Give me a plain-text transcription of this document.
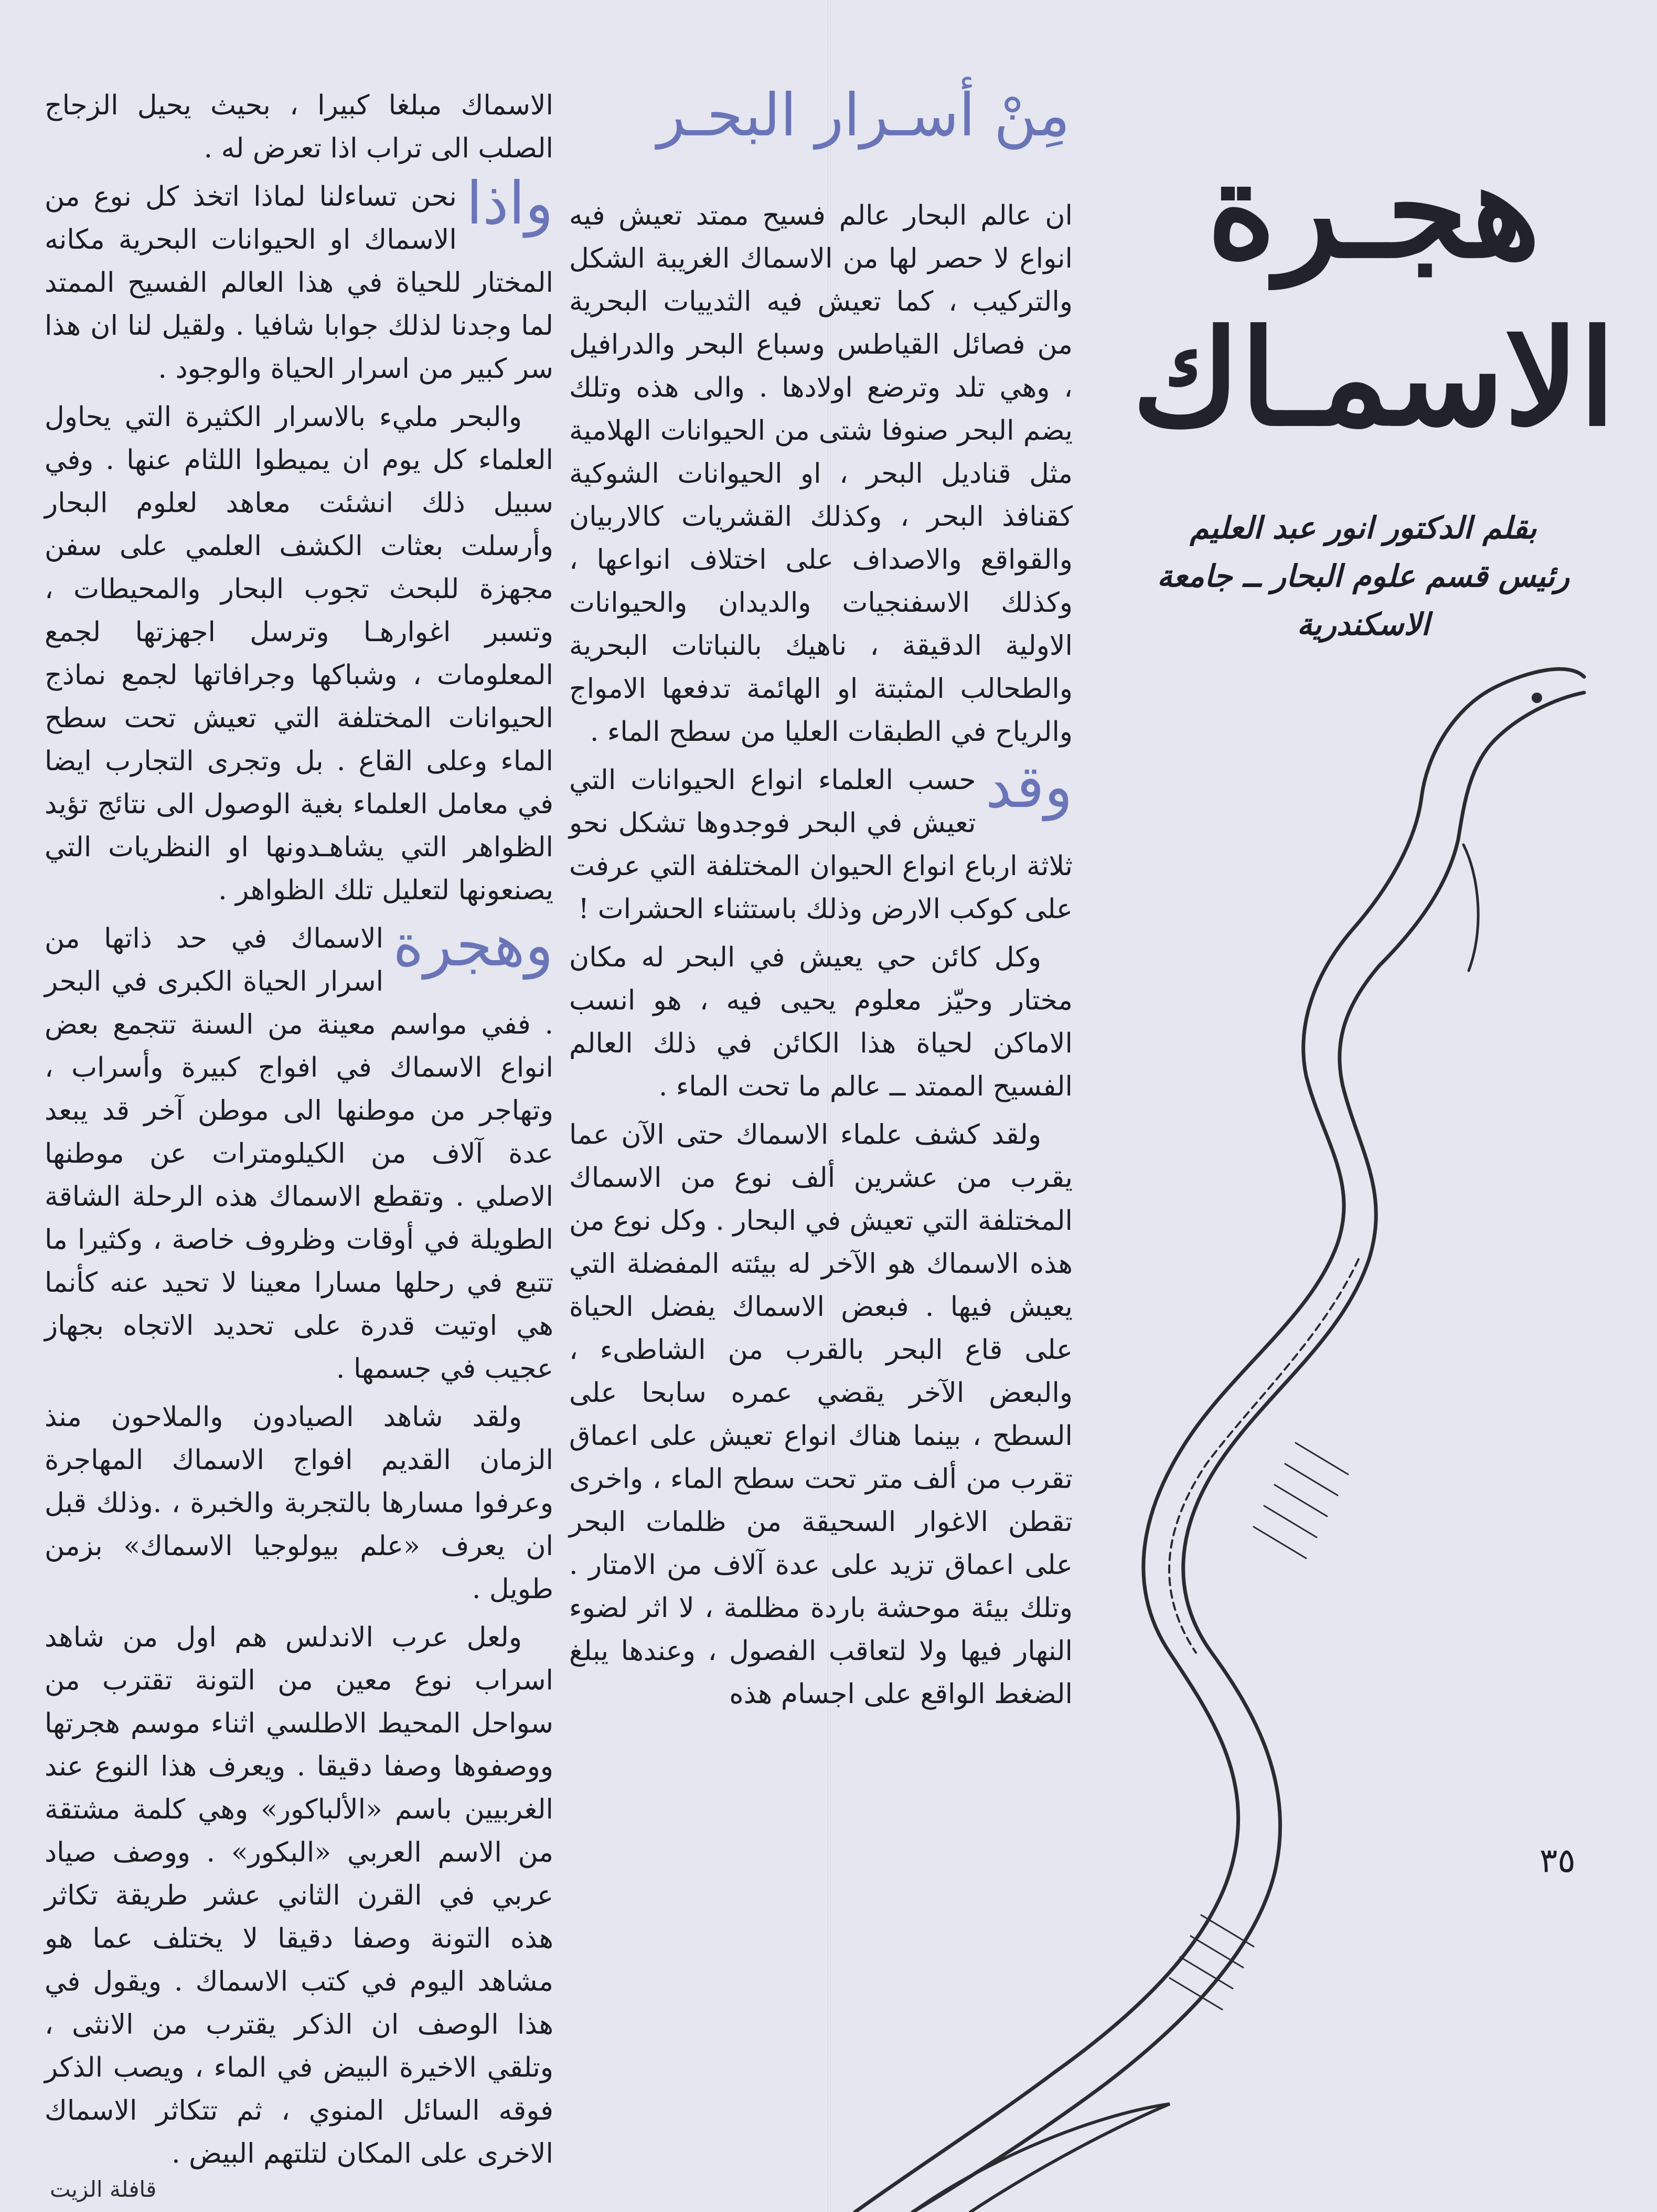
هجـرة
الاسمـاك
بقلم الدكتور انور عبد العليم
رئيس قسم علوم البحار ــ جامعة الاسكندرية
مِنْ أسـرار البحـر

ان عالم البحار عالم فسيح ممتد تعيش فيه انواع لا حصر لها من الاسماك الغريبة الشكل والتركيب ، كما تعيش فيه الثدييات البحرية من فصائل القياطس وسباع البحر والدرافيل ، وهي تلد وترضع اولادها . والى هذه وتلك يضم البحر صنوفا شتى من الحيوانات الهلامية مثل قناديل البحر ، او الحيوانات الشوكية كقنافذ البحر ، وكذلك القشريات كالاربيان والقواقع والاصداف على اختلاف انواعها ، وكذلك الاسفنجيات والديدان والحيوانات الاولية الدقيقة ، ناهيك بالنباتات البحرية والطحالب المثبتة او الهائمة تدفعها الامواج والرياح في الطبقات العليا من سطح الماء .

وقد
حسب العلماء انواع الحيوانات التي تعيش في البحر فوجدوها تشكل نحو ثلاثة ارباع انواع الحيوان المختلفة التي عرفت على كوكب الارض وذلك باستثناء الحشرات !

وكل كائن حي يعيش في البحر له مكان مختار وحيّز معلوم يحيى فيه ، هو انسب الاماكن لحياة هذا الكائن في ذلك العالم الفسيح الممتد ــ عالم ما تحت الماء .

ولقد كشف علماء الاسماك حتى الآن عما يقرب من عشرين ألف نوع من الاسماك المختلفة التي تعيش في البحار . وكل نوع من هذه الاسماك هو الآخر له بيئته المفضلة التي يعيش فيها . فبعض الاسماك يفضل الحياة على قاع البحر بالقرب من الشاطىء ، والبعض الآخر يقضي عمره سابحا على السطح ، بينما هناك انواع تعيش على اعماق تقرب من ألف متر تحت سطح الماء ، واخرى تقطن الاغوار السحيقة من ظلمات البحر على اعماق تزيد على عدة آلاف من الامتار . وتلك بيئة موحشة باردة مظلمة ، لا اثر لضوء النهار فيها ولا لتعاقب الفصول ، وعندها يبلغ الضغط الواقع على اجسام هذه

الاسماك مبلغا كبيرا ، بحيث يحيل الزجاج الصلب الى تراب اذا تعرض له .

واذا
نحن تساءلنا لماذا اتخذ كل نوع من الاسماك او الحيوانات البحرية مكانه المختار للحياة في هذا العالم الفسيح الممتد لما وجدنا لذلك جوابا شافيا . ولقيل لنا ان هذا سر كبير من اسرار الحياة والوجود .

والبحر مليء بالاسرار الكثيرة التي يحاول العلماء كل يوم ان يميطوا اللثام عنها . وفي سبيل ذلك انشئت معاهد لعلوم البحار وأرسلت بعثات الكشف العلمي على سفن مجهزة للبحث تجوب البحار والمحيطات ، وتسبر اغوارهـا وترسل اجهزتها لجمع المعلومات ، وشباكها وجرافاتها لجمع نماذج الحيوانات المختلفة التي تعيش تحت سطح الماء وعلى القاع . بل وتجرى التجارب ايضا في معامل العلماء بغية الوصول الى نتائج تؤيد الظواهر التي يشاهـدونها او النظريات التي يصنعونها لتعليل تلك الظواهر .

وهجرة
الاسماك في حد ذاتها من اسرار الحياة الكبرى في البحر . ففي مواسم معينة من السنة تتجمع بعض انواع الاسماك في افواج كبيرة وأسراب ، وتهاجر من موطنها الى موطن آخر قد يبعد عدة آلاف من الكيلومترات عن موطنها الاصلي . وتقطع الاسماك هذه الرحلة الشاقة الطويلة في أوقات وظروف خاصة ، وكثيرا ما تتبع في رحلها مسارا معينا لا تحيد عنه كأنما هي اوتيت قدرة على تحديد الاتجاه بجهاز عجيب في جسمها .

ولقد شاهد الصيادون والملاحون منذ الزمان القديم افواج الاسماك المهاجرة وعرفوا مسارها بالتجربة والخبرة ، .وذلك قبل ان يعرف «علم بيولوجيا الاسماك» بزمن طويل .

ولعل عرب الاندلس هم اول من شاهد اسراب نوع معين من التونة تقترب من سواحل المحيط الاطلسي اثناء موسم هجرتها ووصفوها وصفا دقيقا . ويعرف هذا النوع عند الغربيين باسم «الألباكور» وهي كلمة مشتقة من الاسم العربي «البكور» . ووصف صياد عربي في القرن الثاني عشر طريقة تكاثر هذه التونة وصفا دقيقا لا يختلف عما هو مشاهد اليوم في كتب الاسماك . ويقول في هذا الوصف ان الذكر يقترب من الانثى ، وتلقي الاخيرة البيض في الماء ، ويصب الذكر فوقه السائل المنوي ، ثم تتكاثر الاسماك الاخرى على المكان لتلتهم البيض .

٣٥
قافلة الزيت
